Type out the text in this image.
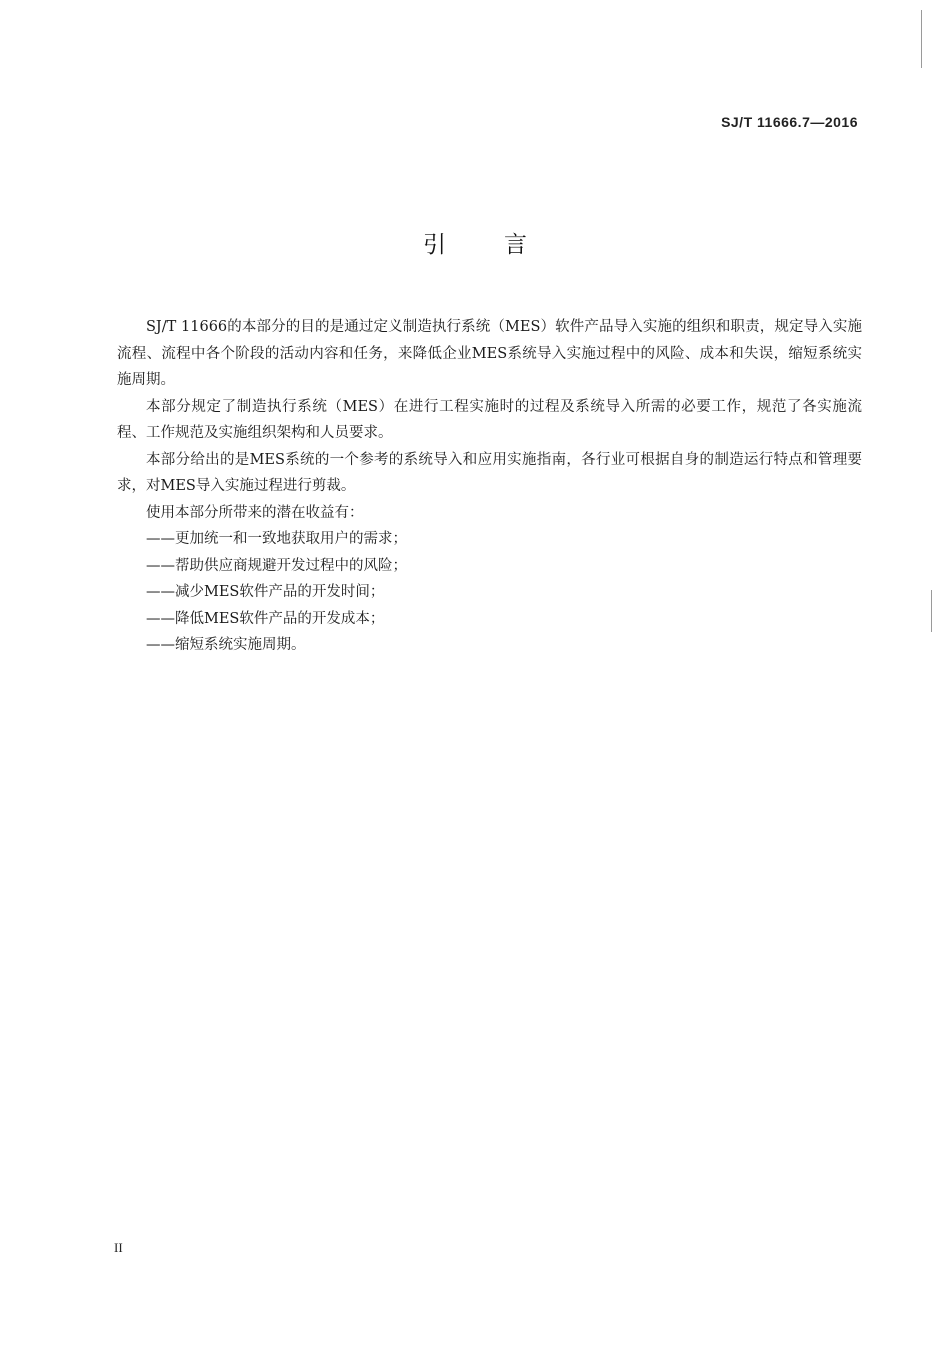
SJ/T 11666.7—2016
引言

SJ/T 11666的本部分的目的是通过定义制造执行系统（MES）软件产品导入实施的组织和职责，规定导入实施流程、流程中各个阶段的活动内容和任务，来降低企业MES系统导入实施过程中的风险、成本和失误，缩短系统实施周期。

本部分规定了制造执行系统（MES）在进行工程实施时的过程及系统导入所需的必要工作，规范了各实施流程、工作规范及实施组织架构和人员要求。

本部分给出的是MES系统的一个参考的系统导入和应用实施指南，各行业可根据自身的制造运行特点和管理要求，对MES导入实施过程进行剪裁。

使用本部分所带来的潜在收益有：

——更加统一和一致地获取用户的需求；

——帮助供应商规避开发过程中的风险；

——减少MES软件产品的开发时间；

——降低MES软件产品的开发成本；

——缩短系统实施周期。

II
